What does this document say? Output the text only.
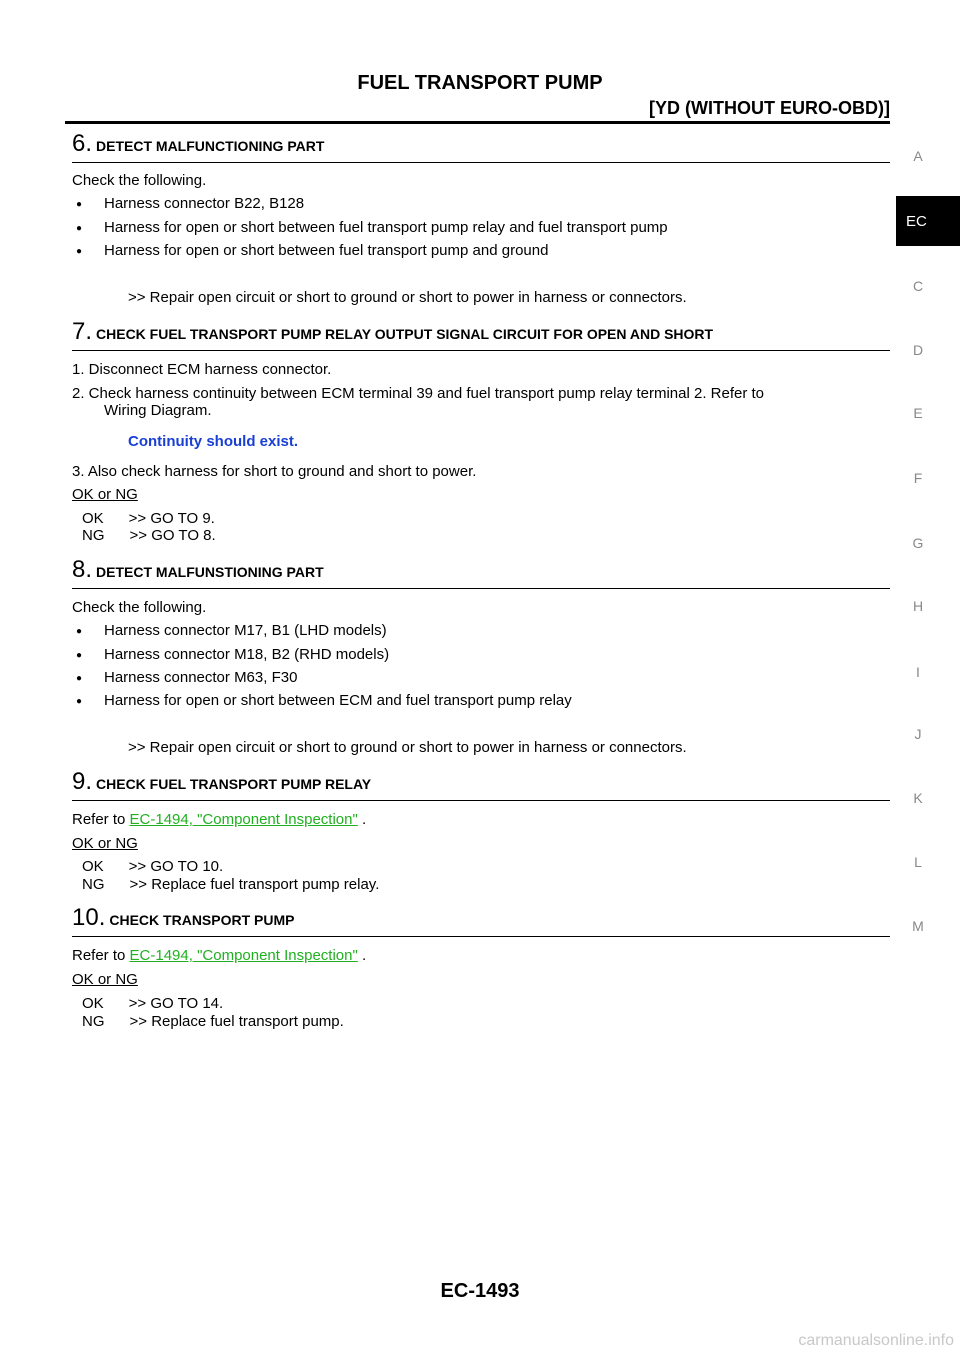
FUEL TRANSPORT PUMP
[YD (WITHOUT EURO-OBD)]
6. DETECT MALFUNCTIONING PART
Check the following.
● Harness connector B22, B128
● Harness for open or short between fuel transport pump relay and fuel transport pump
● Harness for open or short between fuel transport pump and ground
>> Repair open circuit or short to ground or short to power in harness or connectors.
7. CHECK FUEL TRANSPORT PUMP RELAY OUTPUT SIGNAL CIRCUIT FOR OPEN AND SHORT
1. Disconnect ECM harness connector.
2. Check harness continuity between ECM terminal 39 and fuel transport pump relay terminal 2. Refer to
Wiring Diagram.
Continuity should exist.
3. Also check harness for short to ground and short to power.
OK or NG
OK      >> GO TO 9.
NG      >> GO TO 8.
8. DETECT MALFUNSTIONING PART
Check the following.
● Harness connector M17, B1 (LHD models)
● Harness connector M18, B2 (RHD models)
● Harness connector M63, F30
● Harness for open or short between ECM and fuel transport pump relay
>> Repair open circuit or short to ground or short to power in harness or connectors.
9. CHECK FUEL TRANSPORT PUMP RELAY
Refer to EC-1494, "Component Inspection" .
OK or NG
OK      >> GO TO 10.
NG      >> Replace fuel transport pump relay.
10. CHECK TRANSPORT PUMP
Refer to EC-1494, "Component Inspection" .
OK or NG
OK      >> GO TO 14.
NG      >> Replace fuel transport pump.
A
C
D
E
F
G
H
I
J
K
L
M
EC
EC-1493
carmanualsonline.info
